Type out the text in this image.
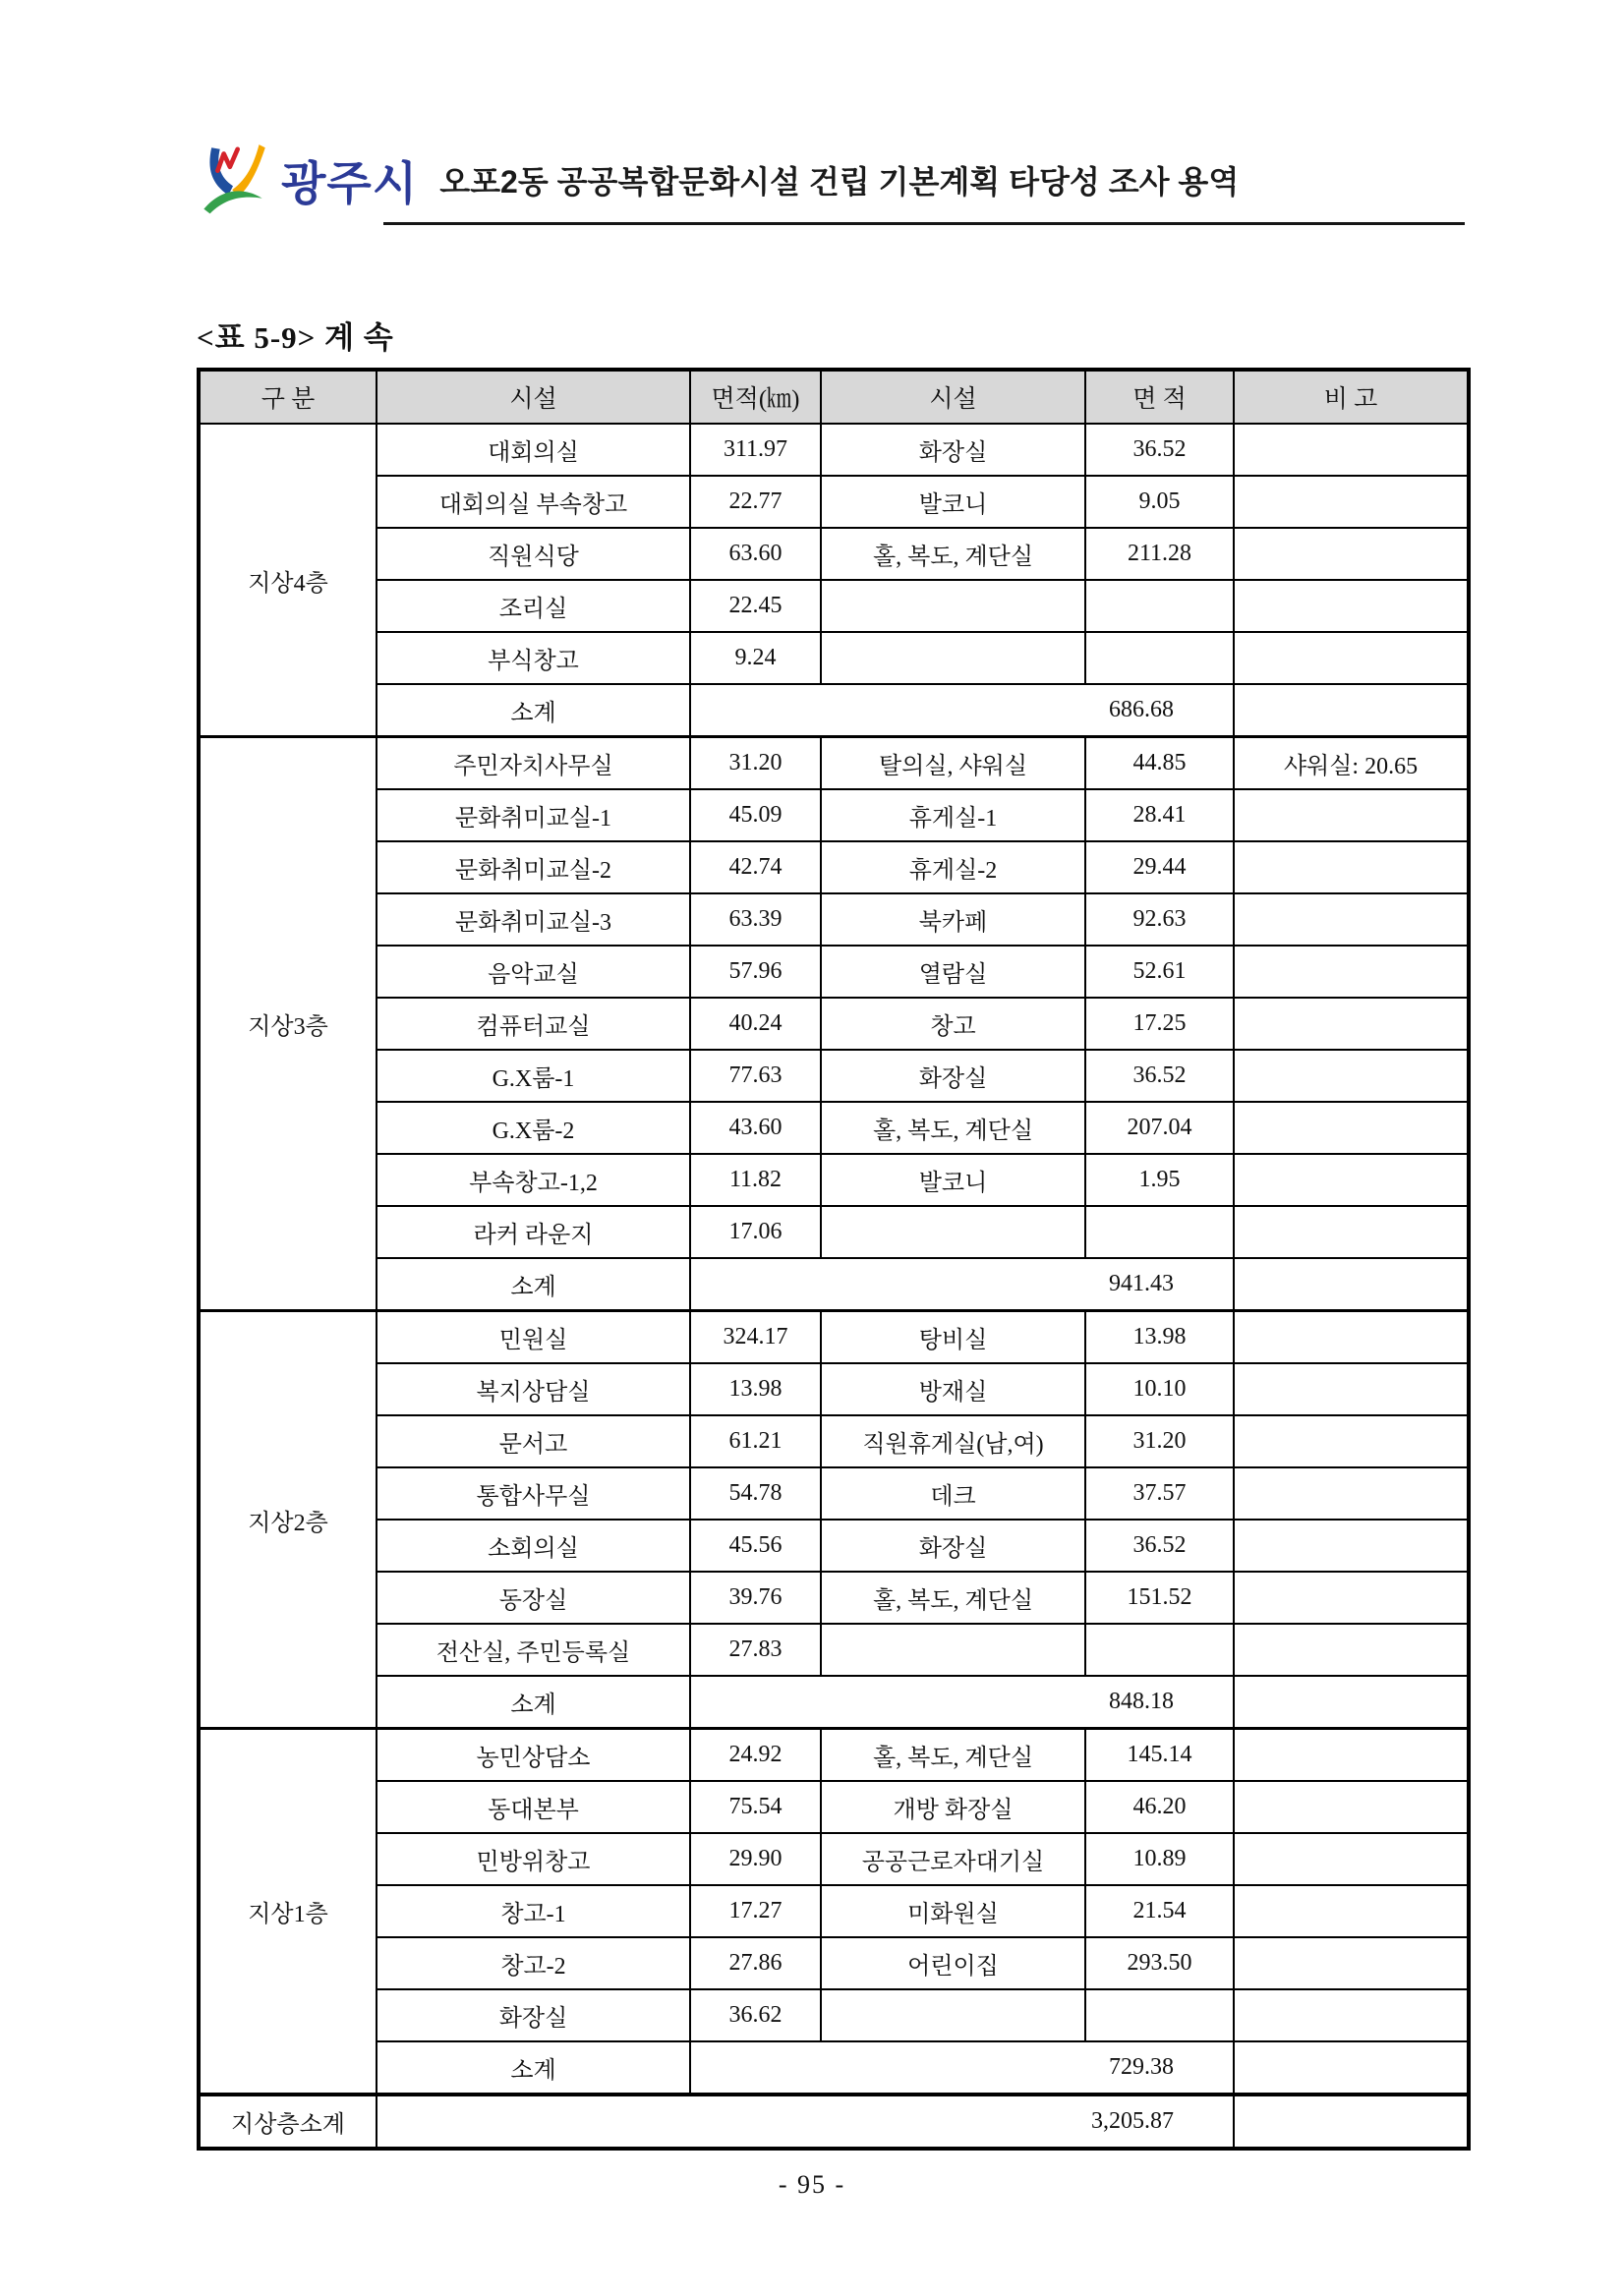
광주시 오포2동 공공복합문화시설 건립 기본계획 타당성 조사 용역
<표 5-9> 계 속
구 분	시설	면적(㎞)	시설	면 적	비 고
지상4층	대회의실	311.97	화장실	36.52	
	대회의실 부속창고	22.77	발코니	9.05	
	직원식당	63.60	홀, 복도, 계단실	211.28	
	조리실	22.45			
	부식창고	9.24			
	소계	686.68			
지상3층	주민자치사무실	31.20	탈의실, 샤워실	44.85	샤워실: 20.65
	문화취미교실-1	45.09	휴게실-1	28.41	
	문화취미교실-2	42.74	휴게실-2	29.44	
	문화취미교실-3	63.39	북카페	92.63	
	음악교실	57.96	열람실	52.61	
	컴퓨터교실	40.24	창고	17.25	
	G.X룸-1	77.63	화장실	36.52	
	G.X룸-2	43.60	홀, 복도, 계단실	207.04	
	부속창고-1,2	11.82	발코니	1.95	
	라커 라운지	17.06			
	소계	941.43			
지상2층	민원실	324.17	탕비실	13.98	
	복지상담실	13.98	방재실	10.10	
	문서고	61.21	직원휴게실(남,여)	31.20	
	통합사무실	54.78	데크	37.57	
	소회의실	45.56	화장실	36.52	
	동장실	39.76	홀, 복도, 계단실	151.52	
	전산실, 주민등록실	27.83			
	소계	848.18			
지상1층	농민상담소	24.92	홀, 복도, 계단실	145.14	
	동대본부	75.54	개방 화장실	46.20	
	민방위창고	29.90	공공근로자대기실	10.89	
	창고-1	17.27	미화원실	21.54	
	창고-2	27.86	어린이집	293.50	
	화장실	36.62			
	소계	729.38			
지상층소계	3,205.87				
- 95 -
